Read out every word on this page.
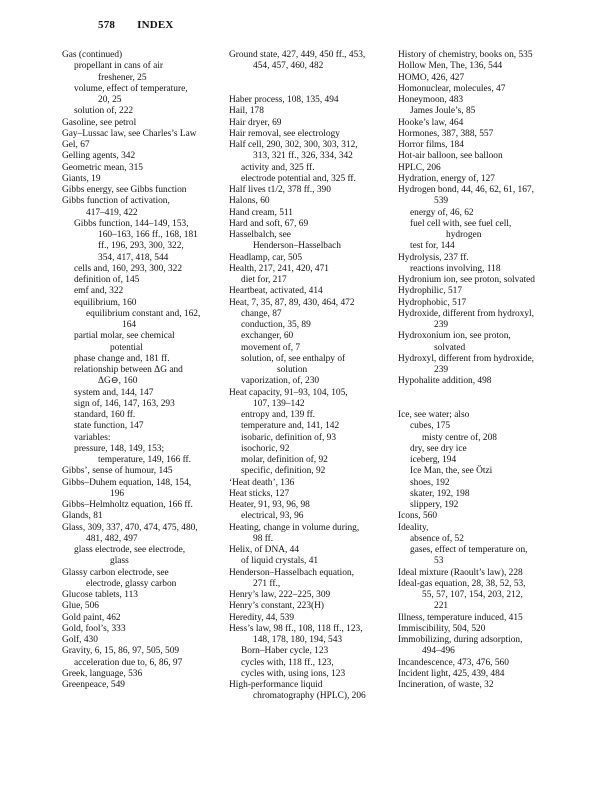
578 INDEX
Gas (continued)
propellant in cans of air
freshener, 25
volume, effect of temperature,
20, 25
solution of, 222
Gasoline, see petrol
Gay–Lussac law, see Charles’s Law
Gel, 67
Gelling agents, 342
Geometric mean, 315
Giants, 19
Gibbs energy, see Gibbs function
Gibbs function of activation,
417–419, 422
Gibbs function, 144–149, 153,
160–163, 166 ff., 168, 181
ff., 196, 293, 300, 322,
354, 417, 418, 544
cells and, 160, 293, 300, 322
definition of, 145
emf and, 322
equilibrium, 160
equilibrium constant and, 162,
164
partial molar, see chemical
potential
phase change and, 181 ff.
relationship between ΔG and
ΔG⊖, 160
system and, 144, 147
sign of, 146, 147, 163, 293
standard, 160 ff.
state function, 147
variables:
pressure, 148, 149, 153;
temperature, 149, 166 ff.
Gibbs’, sense of humour, 145
Gibbs–Duhem equation, 148, 154,
196
Gibbs–Helmholtz equation, 166 ff.
Glands, 81
Glass, 309, 337, 470, 474, 475, 480,
481, 482, 497
glass electrode, see electrode,
glass
Glassy carbon electrode, see
electrode, glassy carbon
Glucose tablets, 113
Glue, 506
Gold paint, 462
Gold, fool’s, 333
Golf, 430
Gravity, 6, 15, 86, 97, 505, 509
acceleration due to, 6, 86, 97
Greek, language, 536
Greenpeace, 549
Ground state, 427, 449, 450 ff., 453,
454, 457, 460, 482
Haber process, 108, 135, 494
Hail, 178
Hair dryer, 69
Hair removal, see electrology
Half cell, 290, 302, 300, 303, 312,
313, 321 ff., 326, 334, 342
activity and, 325 ff.
electrode potential and, 325 ff.
Half lives t1/2, 378 ff., 390
Halons, 60
Hand cream, 511
Hard and soft, 67, 69
Hasselbalch, see
Henderson–Hasselbach
Headlamp, car, 505
Health, 217, 241, 420, 471
diet for, 217
Heartbeat, activated, 414
Heat, 7, 35, 87, 89, 430, 464, 472
change, 87
conduction, 35, 89
exchanger, 60
movement of, 7
solution, of, see enthalpy of
solution
vaporization, of, 230
Heat capacity, 91–93, 104, 105,
107, 139–142
entropy and, 139 ff.
temperature and, 141, 142
isobaric, definition of, 93
isochoric, 92
molar, definition of, 92
specific, definition, 92
‘Heat death’, 136
Heat sticks, 127
Heater, 91, 93, 96, 98
electrical, 93, 96
Heating, change in volume during,
98 ff.
Helix, of DNA, 44
of liquid crystals, 41
Henderson–Hasselbach equation,
271 ff.,
Henry’s law, 222–225, 309
Henry’s constant, 223(H)
Heredity, 44, 539
Hess’s law, 98 ff., 108, 118 ff., 123,
148, 178, 180, 194, 543
Born–Haber cycle, 123
cycles with, 118 ff., 123,
cycles with, using ions, 123
High-performance liquid
chromatography (HPLC), 206
History of chemistry, books on, 535
Hollow Men, The, 136, 544
HOMO, 426, 427
Homonuclear, molecules, 47
Honeymoon, 483
James Joule’s, 85
Hooke’s law, 464
Hormones, 387, 388, 557
Horror films, 184
Hot-air balloon, see balloon
HPLC, 206
Hydration, energy of, 127
Hydrogen bond, 44, 46, 62, 61, 167,
539
energy of, 46, 62
fuel cell with, see fuel cell,
hydrogen
test for, 144
Hydrolysis, 237 ff.
reactions involving, 118
Hydronium ion, see proton, solvated
Hydrophilic, 517
Hydrophobic, 517
Hydroxide, different from hydroxyl,
239
Hydroxonium ion, see proton,
solvated
Hydroxyl, different from hydroxide,
239
Hypohalite addition, 498
Ice, see water; also
cubes, 175
misty centre of, 208
dry, see dry ice
iceberg, 194
Ice Man, the, see Ötzi
shoes, 192
skater, 192, 198
slippery, 192
Icons, 560
Ideality,
absence of, 52
gases, effect of temperature on,
53
Ideal mixture (Raoult’s law), 228
Ideal-gas equation, 28, 38, 52, 53,
55, 57, 107, 154, 203, 212,
221
Illness, temperature induced, 415
Immiscibility, 504, 520
Immobilizing, during adsorption,
494–496
Incandescence, 473, 476, 560
Incident light, 425, 439, 484
Incineration, of waste, 32
